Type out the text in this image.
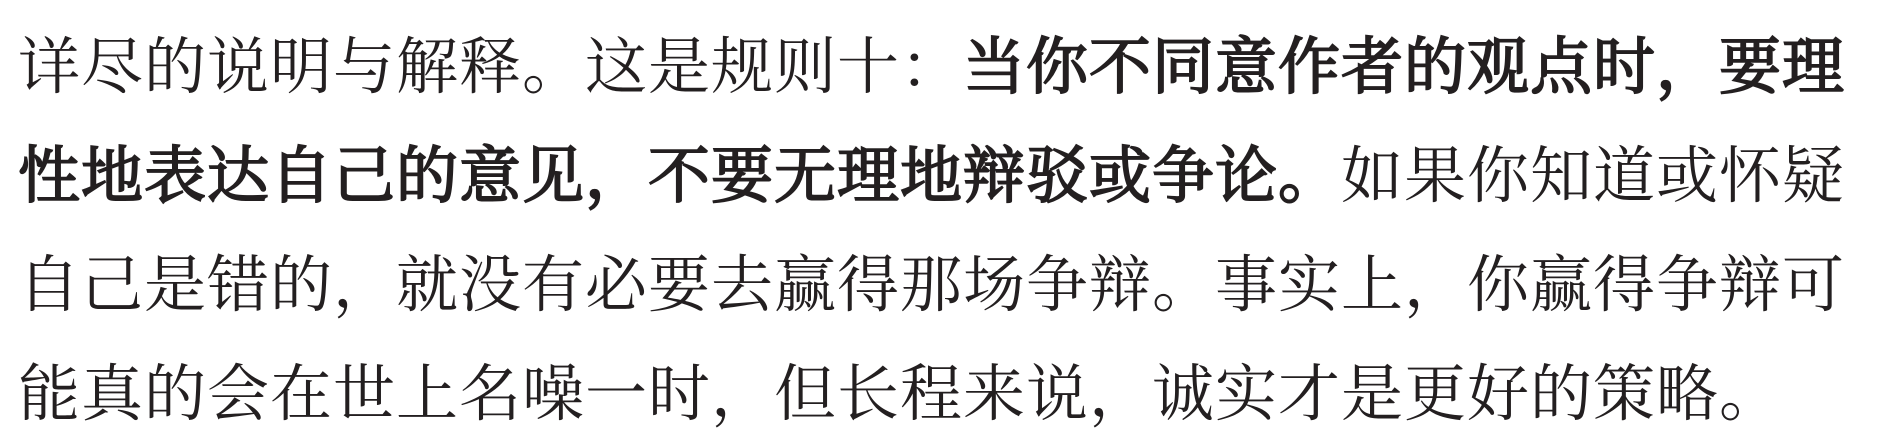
详尽的说明与解释。这是规则十：当你不同意作者的观点时，要理性地表达自己的意见，不要无理地辩驳或争论。如果你知道或怀疑自己是错的，就没有必要去赢得那场争辩。事实上，你赢得争辩可能真的会在世上名噪一时，但长程来说，诚实才是更好的策略。
